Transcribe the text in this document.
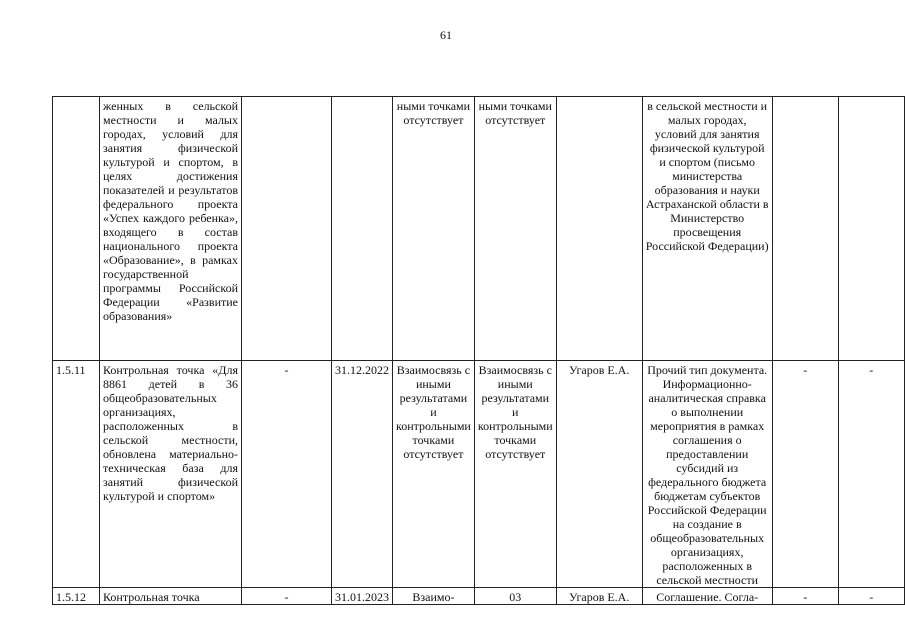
61
	женных в сельской местности и малых городах, условий для занятия физической культурой и спортом, в целях достижения показателей и результатов федерального проекта «Успех каждого ребенка», входящего в состав национального проекта «Образование», в рамках государственной программы Российской Федерации «Развитие образования»			ными точками отсутствует	ными точками отсутствует		в сельской местности и малых городах, условий для занятия физической культурой и спортом (письмо министерства образования и науки Астраханской области в Министерство просвещения Российской Федерации)		
1.5.11	Контрольная точка «Для 8861 детей в 36 общеобразовательных организациях, расположенных в сельской местности, обновлена материально-техническая база для занятий физической культурой и спортом»	-	31.12.2022	Взаимосвязь с иными результатами и контрольными точками отсутствует	Взаимосвязь с иными результатами и контрольными точками отсутствует	Угаров Е.А.	Прочий тип документа. Информационно-аналитическая справка о выполнении мероприятия в рамках соглашения о предоставлении субсидий из федерального бюджета бюджетам субъектов Российской Федерации на создание в общеобразовательных организациях, расположенных в сельской местности	-	-
1.5.12	Контрольная точка	-	31.01.2023	Взаимо-	03	Угаров Е.А.	Соглашение. Согла-	-	-
